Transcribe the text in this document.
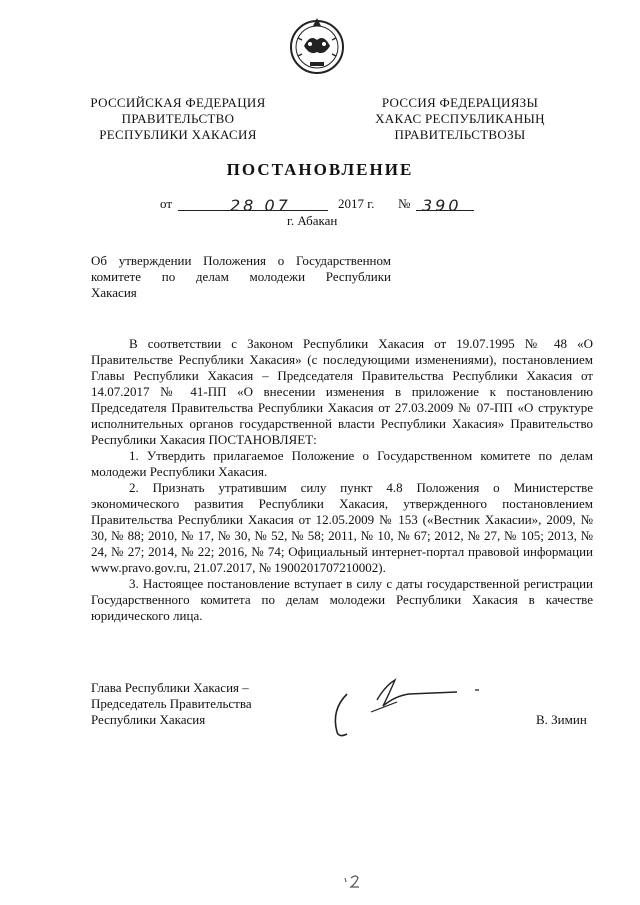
РОССИЙСКАЯ ФЕДЕРАЦИЯ
ПРАВИТЕЛЬСТВО
РЕСПУБЛИКИ ХАКАСИЯ
РОССИЯ ФЕДЕРАЦИЯЗЫ
ХАКАС РЕСПУБЛИКАНЫҢ
ПРАВИТЕЛЬСТВОЗЫ
ПОСТАНОВЛЕНИЕ
от	28 07	2017 г. № 390
г. Абакан

Об утверждении Положения о Государственном

комитете по делам молодежи Республики

Хакасия

В соответствии с Законом Республики Хакасия от 19.07.1995 № 48 «О Правительстве Республики Хакасия» (с последующими изменениями), постановлением Главы Республики Хакасия – Председателя Правительства Республики Хакасия от 14.07.2017 № 41-ПП «О внесении изменения в приложение к постановлению Председателя Правительства Республики Хакасия от 27.03.2009 № 07-ПП «О структуре исполнительных органов государственной власти Республики Хакасия» Правительство Республики Хакасия ПОСТАНОВЛЯЕТ:

1. Утвердить прилагаемое Положение о Государственном комитете по делам молодежи Республики Хакасия.

2. Признать утратившим силу пункт 4.8 Положения о Министерстве экономического развития Республики Хакасия, утвержденного постановлением Правительства Республики Хакасия от 12.05.2009 № 153 («Вестник Хакасии», 2009, № 30, № 88; 2010, № 17, № 30, № 52, № 58; 2011, № 10, № 67; 2012, № 27, № 105; 2013, № 24, № 27; 2014, № 22; 2016, № 74; Официальный интернет-портал правовой информации www.pravo.gov.ru, 21.07.2017, № 1900201707210002).

3. Настоящее постановление вступает в силу с даты государственной регистрации Государственного комитета по делам молодежи Республики Хакасия в качестве юридического лица.

Глава Республики Хакасия –
Председатель Правительства
Республики Хакасия	В. Зимин
